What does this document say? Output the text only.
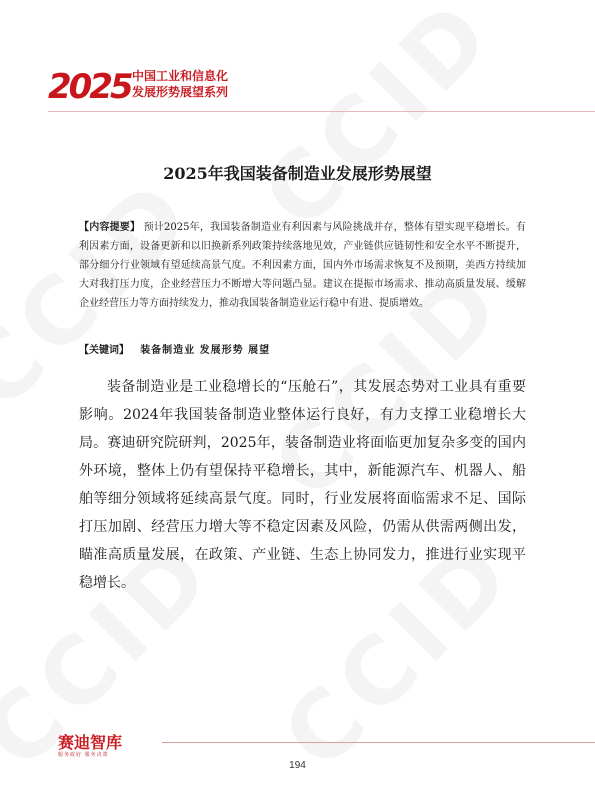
2025 中国工业和信息化
发展形势展望系列
2025年我国装备制造业发展形势展望
【内容提要】 预计2025年，我国装备制造业有利因素与风险挑战并存，整体有望实现平稳增长。有利因素方面，设备更新和以旧换新系列政策持续落地见效，产业链供应链韧性和安全水平不断提升，部分细分行业领域有望延续高景气度。不利因素方面，国内外市场需求恢复不及预期，美西方持续加大对我打压力度，企业经营压力不断增大等问题凸显。建议在提振市场需求、推动高质量发展、缓解企业经营压力等方面持续发力，推动我国装备制造业运行稳中有进、提质增效。
【关键词】 装备制造业 发展形势 展望

装备制造业是工业稳增长的“压舱石”，其发展态势对工业具有重要影响。2024年我国装备制造业整体运行良好，有力支撑工业稳增长大局。赛迪研究院研判，2025年，装备制造业将面临更加复杂多变的国内外环境，整体上仍有望保持平稳增长，其中，新能源汽车、机器人、船舶等细分领域将延续高景气度。同时，行业发展将面临需求不足、国际打压加剧、经营压力增大等不稳定因素及风险，仍需从供需两侧出发，瞄准高质量发展，在政策、产业链、生态上协同发力，推进行业实现平稳增长。

赛迪智库
服务政府 服务决策
194
